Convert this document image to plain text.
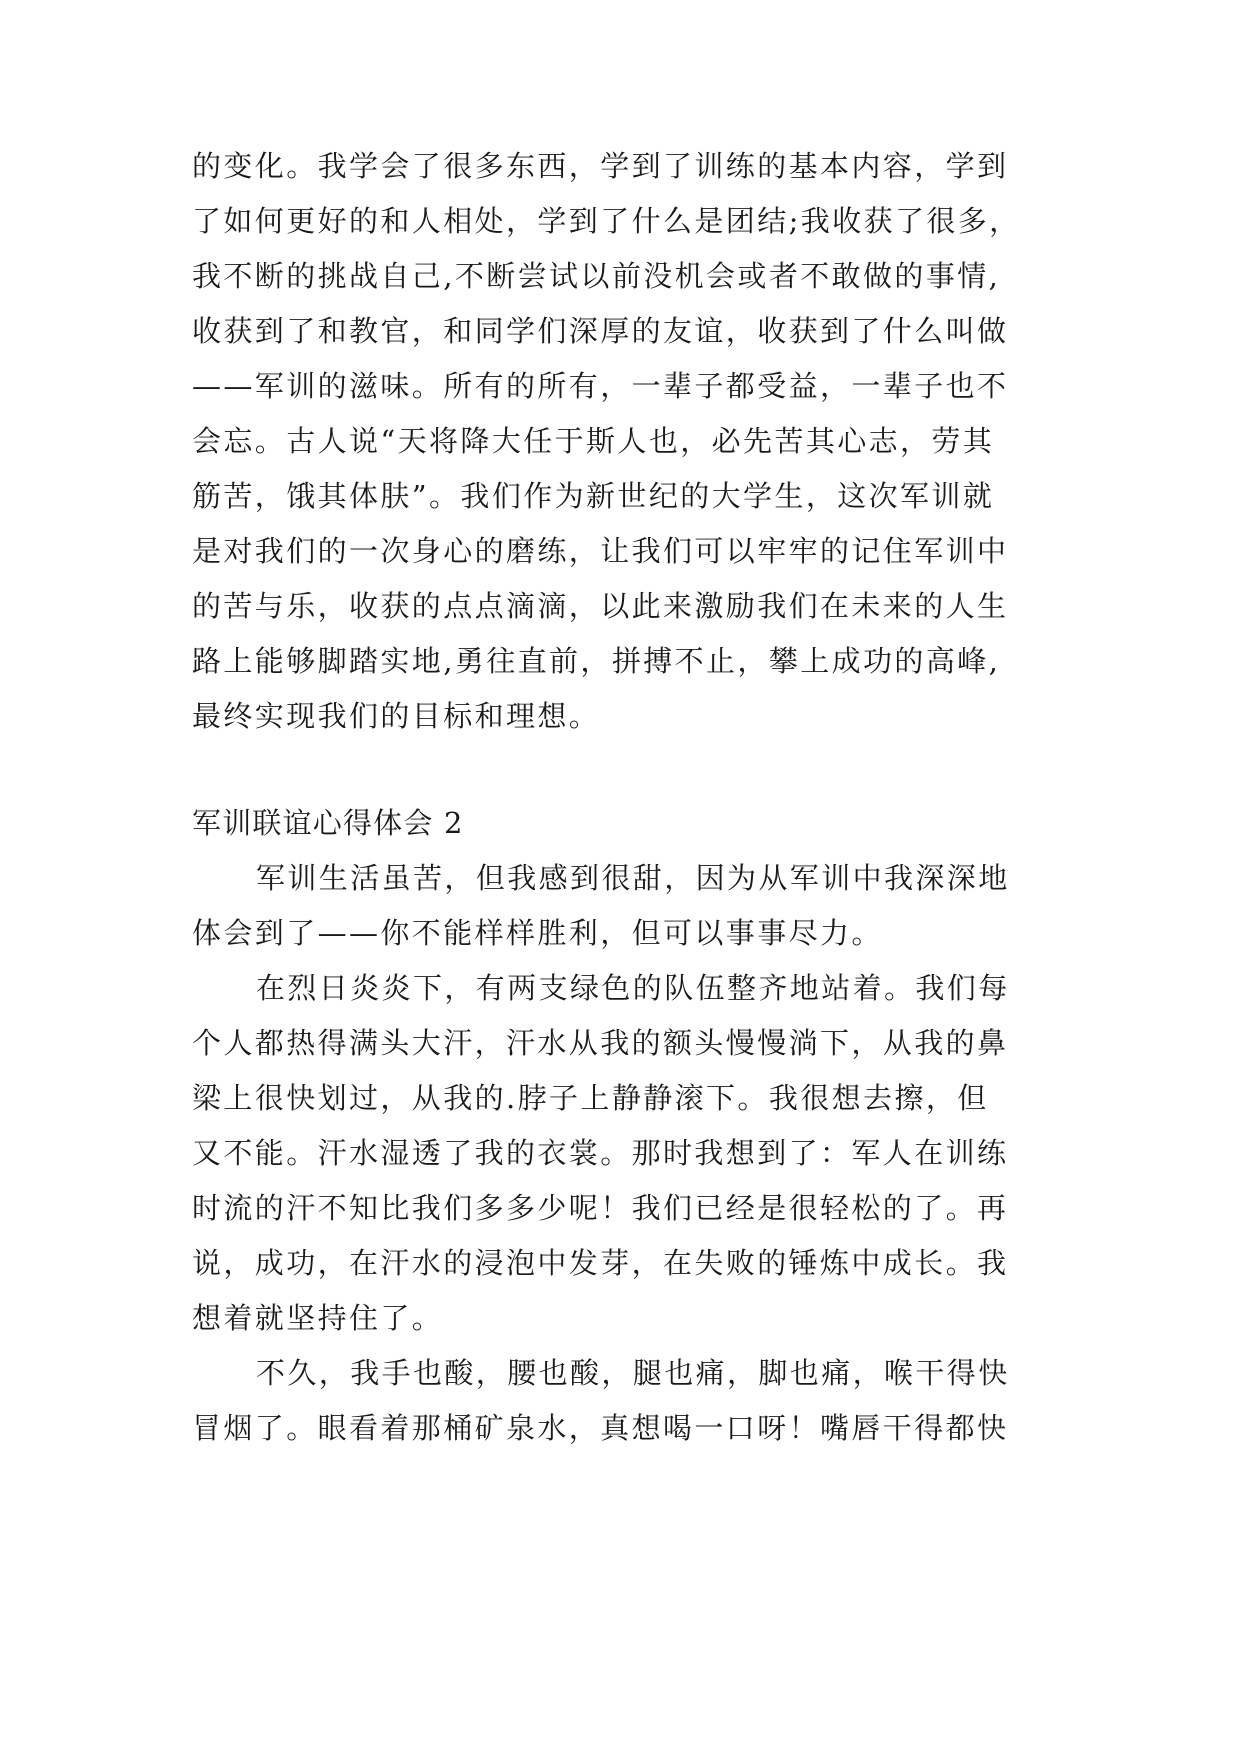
的变化。我学会了很多东西，学到了训练的基本内容，学到
了如何更好的和人相处，学到了什么是团结;我收获了很多，
我不断的挑战自己,不断尝试以前没机会或者不敢做的事情,
收获到了和教官，和同学们深厚的友谊，收获到了什么叫做
——军训的滋味。所有的所有，一辈子都受益，一辈子也不
会忘。古人说“天将降大任于斯人也，必先苦其心志，劳其
筋苦，饿其体肤”。我们作为新世纪的大学生，这次军训就
是对我们的一次身心的磨练，让我们可以牢牢的记住军训中
的苦与乐，收获的点点滴滴，以此来激励我们在未来的人生
路上能够脚踏实地,勇往直前，拼搏不止，攀上成功的高峰,
最终实现我们的目标和理想。
军训联谊心得体会 2
军训生活虽苦，但我感到很甜，因为从军训中我深深地
体会到了——你不能样样胜利，但可以事事尽力。
在烈日炎炎下，有两支绿色的队伍整齐地站着。我们每
个人都热得满头大汗，汗水从我的额头慢慢淌下，从我的鼻
梁上很快划过，从我的.脖子上静静滚下。我很想去擦，但
又不能。汗水湿透了我的衣裳。那时我想到了：军人在训练
时流的汗不知比我们多多少呢！我们已经是很轻松的了。再
说，成功，在汗水的浸泡中发芽，在失败的锤炼中成长。我
想着就坚持住了。
不久，我手也酸，腰也酸，腿也痛，脚也痛，喉干得快
冒烟了。眼看着那桶矿泉水，真想喝一口呀！嘴唇干得都快
